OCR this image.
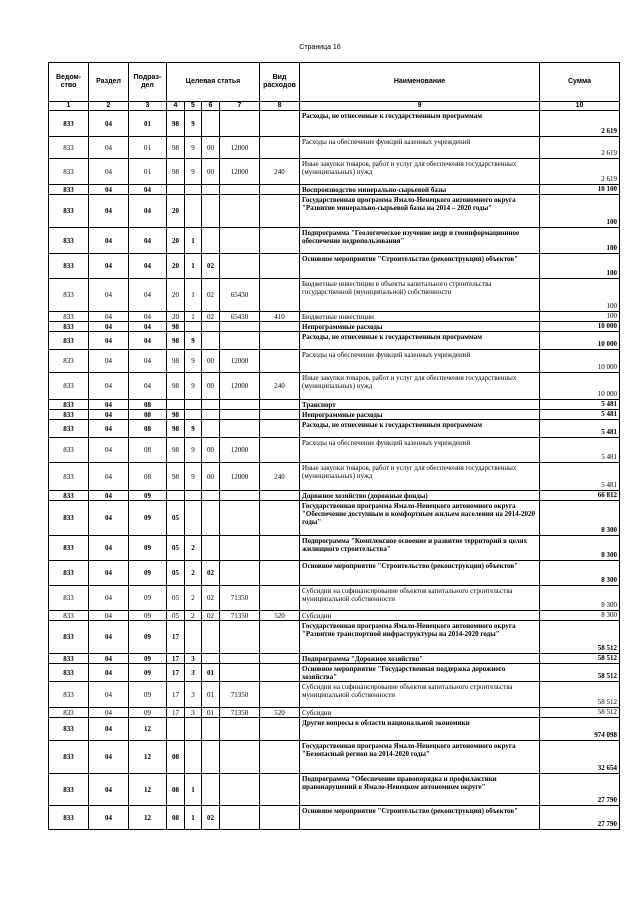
Страница 16
Ведом-ство	Раздел	Подраз-дел	Целевая статья				Вид расходов	Наименование	Сумма
1	2	3	4	5	6	7	8	9	10
833	04	01	98	9				Расходы, не отнесенные к государственным программам	2 619
833	04	01	98	9	00	12000		Расходы на обеспечение функций казенных учреждений	2 619
833	04	01	98	9	00	12000	240	Иные закупки товаров, работ и услуг для обеспечения государственных (муниципальных) нужд	2 619
833	04	04						Воспроизводство минерально-сырьевой базы	10 100
833	04	04	20					Государственная программа Ямало-Ненецкого автономного округа "Развитие минерально-сырьевой базы на 2014 – 2020 годы"	100
833	04	04	20	1				Подпрограмма "Геологическое изучение недр и геоинформационное обеспечение недропользования"	100
833	04	04	20	1	02			Основное мероприятие "Строительство (реконструкция) объектов"	100
833	04	04	20	1	02	65430		Бюджетные инвестиции в объекты капитального строительства государственной (муниципальной) собственности	100
833	04	04	20	1	02	65430	410	Бюджетные инвестиции	100
833	04	04	98					Непрограммные расходы	10 000
833	04	04	98	9				Расходы, не отнесенные к государственным программам	10 000
833	04	04	98	9	00	12000		Расходы на обеспечение функций казенных учреждений	10 000
833	04	04	98	9	00	12000	240	Иные закупки товаров, работ и услуг для обеспечения государственных (муниципальных) нужд	10 000
833	04	08						Транспорт	5 481
833	04	08	98					Непрограммные расходы	5 481
833	04	08	98	9				Расходы, не отнесенные к государственным программам	5 481
833	04	08	98	9	00	12000		Расходы на обеспечение функций казенных учреждений	5 481
833	04	08	98	9	00	12000	240	Иные закупки товаров, работ и услуг для обеспечения государственных (муниципальных) нужд	5 481
833	04	09						Дорожное хозяйство (дорожные фонды)	66 812
833	04	09	05					Государственная программа Ямало-Ненецкого автономного округа "Обеспечение доступным и комфортным жильем населения на 2014-2020 годы"	8 300
833	04	09	05	2				Подпрограмма "Комплексное освоение и развитие территорий в целях жилищного строительства"	8 300
833	04	09	05	2	02			Основное мероприятие "Строительство (реконструкция) объектов"	8 300
833	04	09	05	2	02	71350		Субсидии на софинансирование объектов капитального строительства муниципальной собственности	8 300
833	04	09	05	2	02	71350	520	Субсидии	8 300
833	04	09	17					Государственная программа Ямало-Ненецкого автономного округа "Развитие транспортной инфраструктуры на 2014-2020 годы"	58 512
833	04	09	17	3				Подпрограмма "Дорожное хозяйство"	58 512
833	04	09	17	3	01			Основное мероприятие "Государственная поддержка дорожного хозяйства"	58 512
833	04	09	17	3	01	71350		Субсидии на софинансирование объектов капитального строительства муниципальной собственности	58 512
833	04	09	17	3	01	71350	520	Субсидии	58 512
833	04	12						Другие вопросы в области национальной экономики	974 098
833	04	12	08					Государственная программа Ямало-Ненецкого автономного округа "Безопасный регион на 2014-2020 годы"	32 654
833	04	12	08	1				Подпрограмма "Обеспечение правопорядка и профилактики правонарушений в Ямало-Ненецком автономном округе"	27 790
833	04	12	08	1	02			Основное мероприятие "Строительство (реконструкция) объектов"	27 790
